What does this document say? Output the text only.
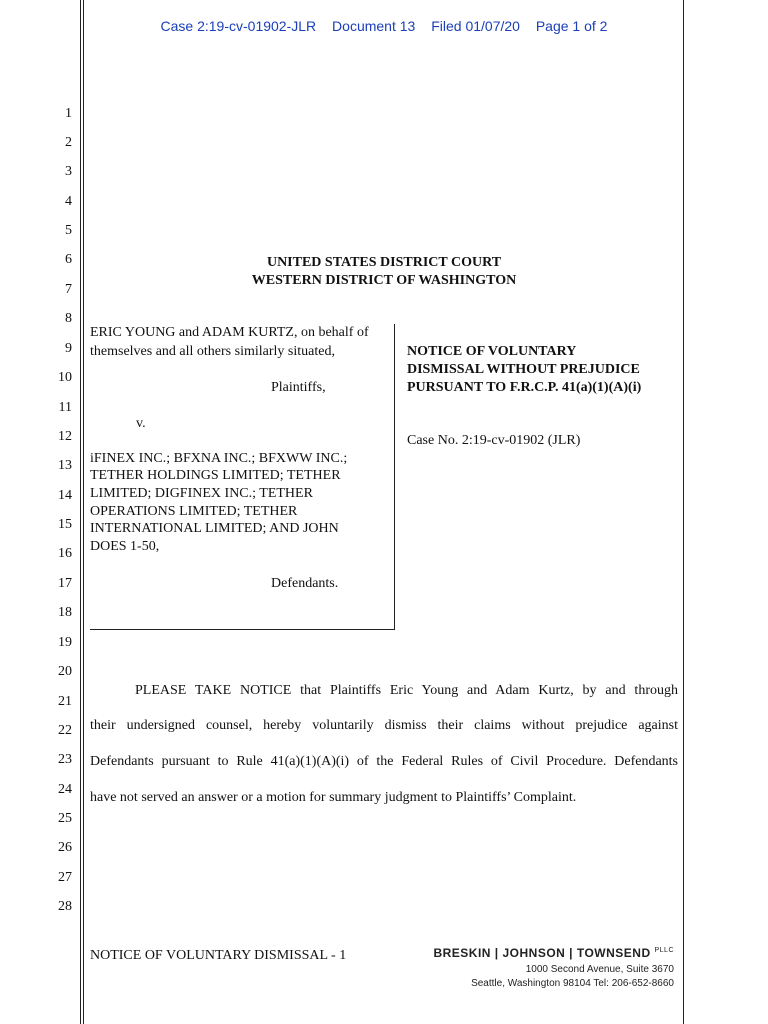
Case 2:19-cv-01902-JLR Document 13 Filed 01/07/20 Page 1 of 2
1
2
3
4
5
6
7
8
9
10
11
12
13
14
15
16
17
18
19
20
21
22
23
24
25
26
27
28
UNITED STATES DISTRICT COURT
WESTERN DISTRICT OF WASHINGTON
ERIC YOUNG and ADAM KURTZ, on behalf of
themselves and all others similarly situated,
Plaintiffs,
v.
iFINEX INC.; BFXNA INC.; BFXWW INC.;
TETHER HOLDINGS LIMITED; TETHER
LIMITED; DIGFINEX INC.; TETHER
OPERATIONS LIMITED; TETHER
INTERNATIONAL LIMITED; AND JOHN
DOES 1-50,
Defendants.
NOTICE OF VOLUNTARY
DISMISSAL WITHOUT PREJUDICE
PURSUANT TO F.R.C.P. 41(a)(1)(A)(i)
Case No. 2:19-cv-01902 (JLR)
PLEASE TAKE NOTICE that Plaintiffs Eric Young and Adam Kurtz, by and through
their undersigned counsel, hereby voluntarily dismiss their claims without prejudice against
Defendants pursuant to Rule 41(a)(1)(A)(i) of the Federal Rules of Civil Procedure. Defendants
have not served an answer or a motion for summary judgment to Plaintiffs’ Complaint.
NOTICE OF VOLUNTARY DISMISSAL - 1	BRESKIN | JOHNSON | TOWNSEND $^{PLLC}$
1000 Second Avenue, Suite 3670
Seattle, Washington 98104 Tel: 206-652-8660
